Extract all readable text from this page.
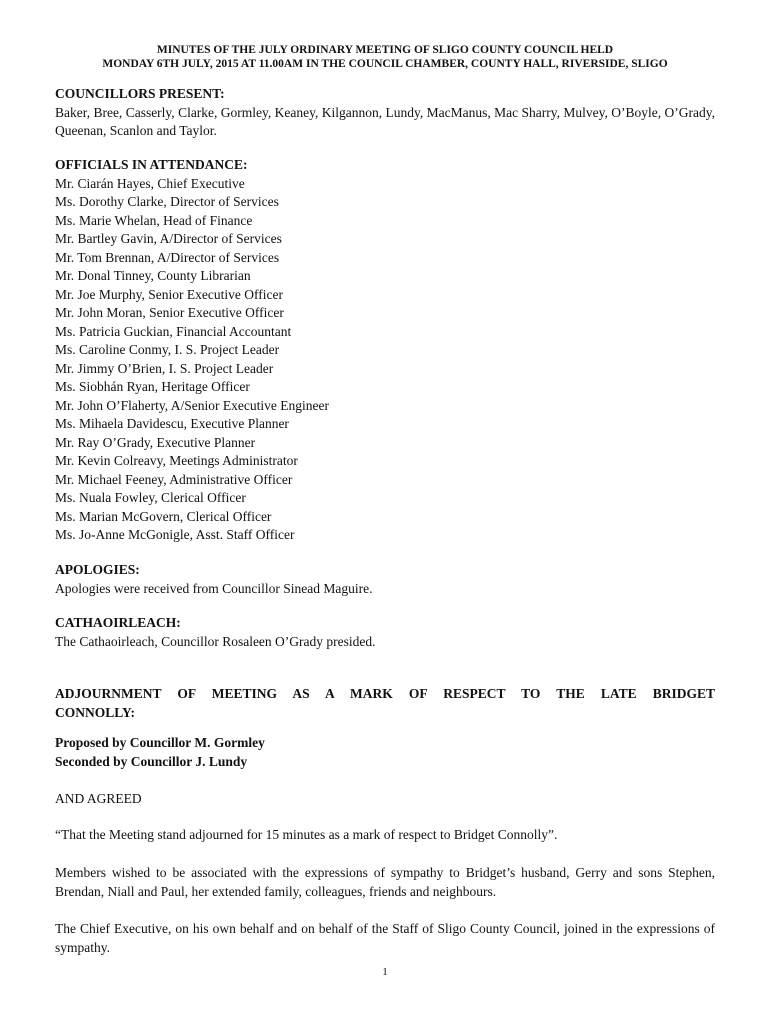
MINUTES OF THE JULY ORDINARY MEETING OF SLIGO COUNTY COUNCIL HELD
MONDAY 6TH JULY, 2015 AT 11.00AM IN THE COUNCIL CHAMBER, COUNTY HALL, RIVERSIDE, SLIGO
COUNCILLORS PRESENT:
Baker, Bree, Casserly, Clarke, Gormley, Keaney, Kilgannon, Lundy, MacManus, Mac Sharry, Mulvey, O’Boyle, O’Grady, Queenan, Scanlon and Taylor.
OFFICIALS IN ATTENDANCE:
Mr. Ciarán Hayes, Chief Executive
Ms. Dorothy Clarke, Director of Services
Ms. Marie Whelan, Head of Finance
Mr. Bartley Gavin, A/Director of Services
Mr. Tom Brennan, A/Director of Services
Mr. Donal Tinney, County Librarian
Mr. Joe Murphy, Senior Executive Officer
Mr. John Moran, Senior Executive Officer
Ms. Patricia Guckian, Financial Accountant
Ms. Caroline Conmy, I. S. Project Leader
Mr. Jimmy O’Brien, I. S. Project Leader
Ms. Siobhán Ryan, Heritage Officer
Mr. John O’Flaherty, A/Senior Executive Engineer
Ms. Mihaela Davidescu, Executive Planner
Mr. Ray O’Grady, Executive Planner
Mr. Kevin Colreavy, Meetings Administrator
Mr. Michael Feeney, Administrative Officer
Ms. Nuala Fowley, Clerical Officer
Ms. Marian McGovern, Clerical Officer
Ms. Jo-Anne McGonigle, Asst. Staff Officer
APOLOGIES:
Apologies were received from Councillor Sinead Maguire.
CATHAOIRLEACH:
The Cathaoirleach, Councillor Rosaleen O’Grady presided.
ADJOURNMENT OF MEETING AS A MARK OF RESPECT TO THE LATE BRIDGET
CONNOLLY:
Proposed by Councillor M. Gormley
Seconded by Councillor J. Lundy
AND AGREED
“That the Meeting stand adjourned for 15 minutes as a mark of respect to Bridget Connolly”.
Members wished to be associated with the expressions of sympathy to Bridget’s husband, Gerry and sons Stephen, Brendan, Niall and Paul, her extended family, colleagues, friends and neighbours.
The Chief Executive, on his own behalf and on behalf of the Staff of Sligo County Council, joined in the expressions of sympathy.
1
